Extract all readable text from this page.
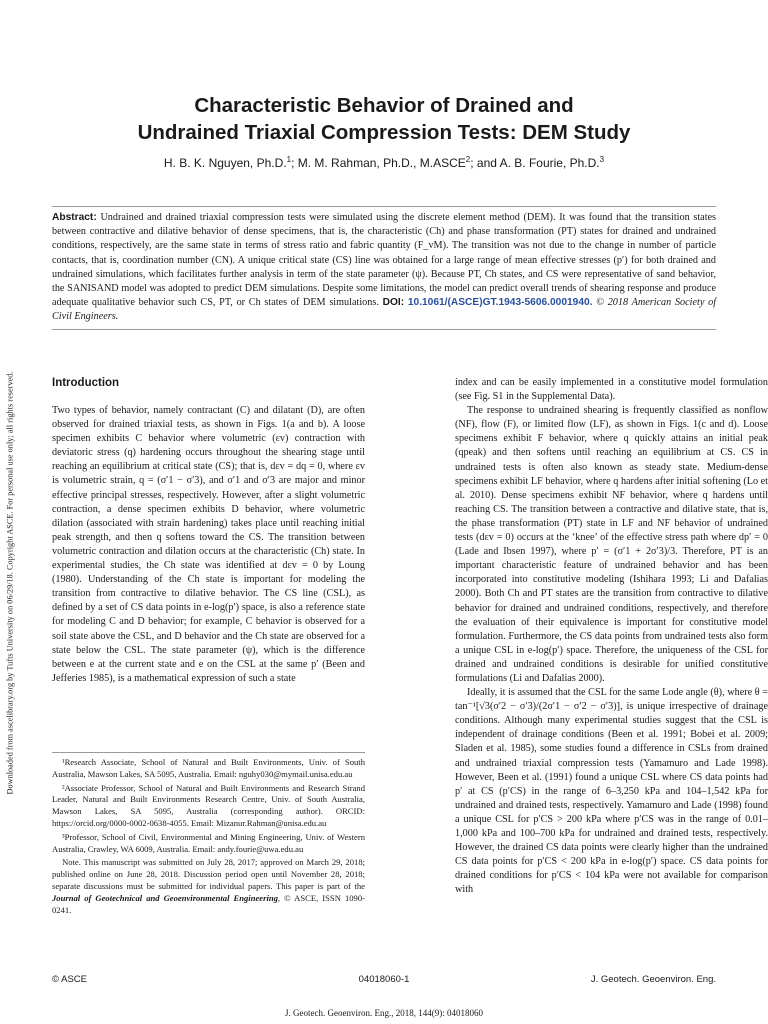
Downloaded from ascelibrary.org by Tufts University on 06/29/18. Copyright ASCE. For personal use only; all rights reserved.
Characteristic Behavior of Drained and
Undrained Triaxial Compression Tests: DEM Study
H. B. K. Nguyen, Ph.D.$^1$; M. M. Rahman, Ph.D., M.ASCE$^2$; and A. B. Fourie, Ph.D.$^3$
Abstract: Undrained and drained triaxial compression tests were simulated using the discrete element method (DEM). It was found that the transition states between contractive and dilative behavior of dense specimens, that is, the characteristic (Ch) and phase transformation (PT) states for drained and undrained conditions, respectively, are the same state in terms of stress ratio and fabric quantity (F_vM). The transition was not due to the change in number of particle contacts, that is, coordination number (CN). A unique critical state (CS) line was obtained for a large range of mean effective stresses (p′) for both drained and undrained simulations, which facilitates further analysis in term of the state parameter (ψ). Because PT, Ch states, and CS were representative of sand behavior, the SANISAND model was adopted to predict DEM simulations. Despite some limitations, the model can predict overall trends of shearing response and produce adequate qualitative behavior such CS, PT, or Ch states of DEM simulations. DOI: 10.1061/(ASCE)GT.1943-5606.0001940. © 2018 American Society of Civil Engineers.
Introduction

Two types of behavior, namely contractant (C) and dilatant (D), are often observed for drained triaxial tests, as shown in Figs. 1(a and b). A loose specimen exhibits C behavior where volumetric (εv) contraction with deviatoric stress (q) hardening occurs throughout the shearing stage until reaching an equilibrium at critical state (CS); that is, dεv = dq = 0, where εv is volumetric strain, q = (σ′1 − σ′3), and σ′1 and σ′3 are major and minor effective principal stresses, respectively. However, after a slight volumetric contraction, a dense specimen exhibits D behavior, where volumetric dilation (associated with strain hardening) takes place until reaching initial peak strength, and then q softens toward the CS. The transition between volumetric contraction and dilation occurs at the characteristic (Ch) state. In experimental studies, the Ch state was identified at dεv = 0 by Loung (1980). Understanding of the Ch state is important for modeling the transition from contractive to dilative behavior. The CS line (CSL), as defined by a set of CS data points in e-log(p′) space, is also a reference state for modeling C and D behavior; for example, C behavior is observed for a soil state above the CSL, and D behavior and the Ch state are observed for a state below the CSL. The state parameter (ψ), which is the difference between e at the current state and e on the CSL at the same p′ (Been and Jefferies 1985), is a mathematical expression of such a state

¹Research Associate, School of Natural and Built Environments, Univ. of South Australia, Mawson Lakes, SA 5095, Australia. Email: nguhy030@mymail.unisa.edu.au

²Associate Professor, School of Natural and Built Environments and Research Strand Leader, Natural and Built Environments Research Centre, Univ. of South Australia, Mawson Lakes, SA 5095, Australia (corresponding author). ORCID: https://orcid.org/0000-0002-0638-4055. Email: Mizanur.Rahman@unisa.edu.au

³Professor, School of Civil, Environmental and Mining Engineering, Univ. of Western Australia, Crawley, WA 6009, Australia. Email: andy.fourie@uwa.edu.au

Note. This manuscript was submitted on July 28, 2017; approved on March 29, 2018; published online on June 28, 2018. Discussion period open until November 28, 2018; separate discussions must be submitted for individual papers. This paper is part of the Journal of Geotechnical and Geoenvironmental Engineering, © ASCE, ISSN 1090-0241.

index and can be easily implemented in a constitutive model formulation (see Fig. S1 in the Supplemental Data).

The response to undrained shearing is frequently classified as nonflow (NF), flow (F), or limited flow (LF), as shown in Figs. 1(c and d). Loose specimens exhibit F behavior, where q quickly attains an initial peak (qpeak) and then softens until reaching an equilibrium at CS. CS in undrained tests is often also known as steady state. Medium-dense specimens exhibit LF behavior, where q hardens after initial softening (Lo et al. 2010). Dense specimens exhibit NF behavior, where q hardens until reaching CS. The transition between a contractive and dilative state, that is, the phase transformation (PT) state in LF and NF behavior of undrained tests (dεv = 0) occurs at the ‘knee’ of the effective stress path where dp′ = 0 (Lade and Ibsen 1997), where p′ = (σ′1 + 2σ′3)/3. Therefore, PT is an important characteristic feature of undrained behavior and has been incorporated into constitutive modeling (Ishihara 1993; Li and Dafalias 2000). Both Ch and PT states are the transition from contractive to dilative behavior for drained and undrained conditions, respectively, and therefore the evaluation of their equivalence is important for constitutive model formulation. Furthermore, the CS data points from undrained tests also form a unique CSL in e-log(p′) space. Therefore, the uniqueness of the CSL for drained and undrained conditions is desirable for unified constitutive formulations (Li and Dafalias 2000).

Ideally, it is assumed that the CSL for the same Lode angle (θ), where θ = tan⁻¹[√3(σ′2 − σ′3)/(2σ′1 − σ′2 − σ′3)], is unique irrespective of drainage conditions. Although many experimental studies suggest that the CSL is independent of drainage conditions (Been et al. 1991; Bobei et al. 2009; Sladen et al. 1985), some studies found a difference in CSLs from drained and undrained triaxial compression tests (Yamamuro and Lade 1998). However, Been et al. (1991) found a unique CSL where CS data points had p′ at CS (p′CS) in the range of 6–3,250 kPa and 104–1,542 kPa for undrained and drained tests, respectively. Yamamuro and Lade (1998) found a unique CSL for p′CS > 200 kPa where p′CS was in the range of 0.01–1,000 kPa and 100–700 kPa for undrained and drained tests, respectively. However, the drained CS data points were clearly higher than the undrained CS data points for p′CS < 200 kPa in e-log(p′) space. CS data points for drained conditions for p′CS < 104 kPa were not available for comparison with

© ASCE	04018060-1	J. Geotech. Geoenviron. Eng.
J. Geotech. Geoenviron. Eng., 2018, 144(9): 04018060
